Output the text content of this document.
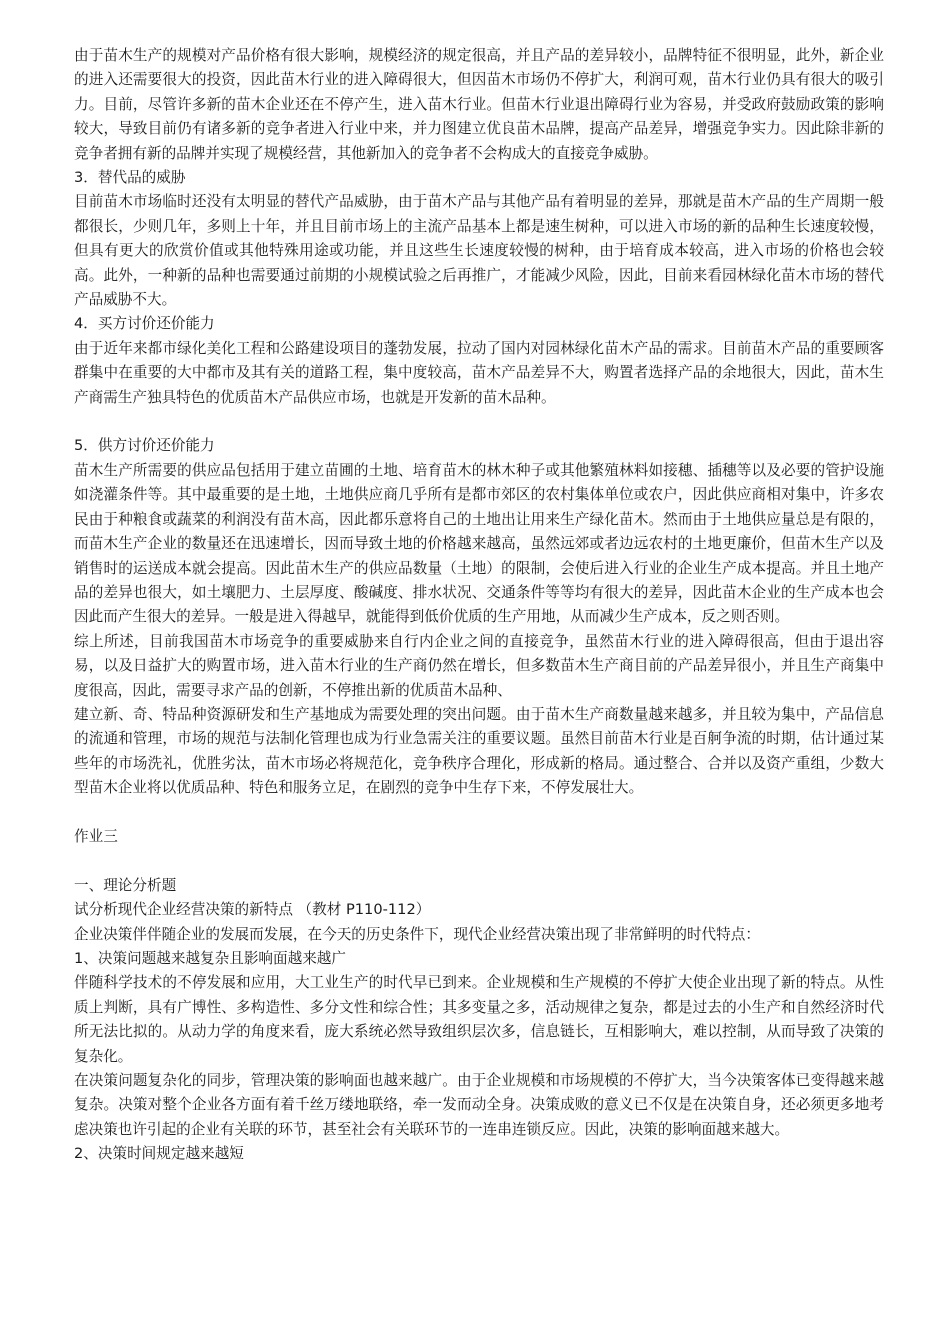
由于苗木生产的规模对产品价格有很大影响，规模经济的规定很高，并且产品的差异较小，品牌特征不很明显，此外，新企业的进入还需要很大的投资，因此苗木行业的进入障碍很大，但因苗木市场仍不停扩大，利润可观，苗木行业仍具有很大的吸引力。目前，尽管许多新的苗木企业还在不停产生，进入苗木行业。但苗木行业退出障碍行业为容易，并受政府鼓励政策的影响较大，导致目前仍有诸多新的竞争者进入行业中来，并力图建立优良苗木品牌，提高产品差异，增强竞争实力。因此除非新的竞争者拥有新的品牌并实现了规模经营，其他新加入的竞争者不会构成大的直接竞争威胁。

3．替代品的威胁

目前苗木市场临时还没有太明显的替代产品威胁，由于苗木产品与其他产品有着明显的差异，那就是苗木产品的生产周期一般都很长，少则几年，多则上十年，并且目前市场上的主流产品基本上都是速生树种，可以进入市场的新的品种生长速度较慢，但具有更大的欣赏价值或其他特殊用途或功能，并且这些生长速度较慢的树种，由于培育成本较高，进入市场的价格也会较高。此外，一种新的品种也需要通过前期的小规模试验之后再推广，才能减少风险，因此，目前来看园林绿化苗木市场的替代产品威胁不大。

4．买方讨价还价能力

由于近年来都市绿化美化工程和公路建设项目的蓬勃发展，拉动了国内对园林绿化苗木产品的需求。目前苗木产品的重要顾客群集中在重要的大中都市及其有关的道路工程，集中度较高，苗木产品差异不大，购置者选择产品的余地很大，因此，苗木生产商需生产独具特色的优质苗木产品供应市场，也就是开发新的苗木品种。

5．供方讨价还价能力

苗木生产所需要的供应品包括用于建立苗圃的土地、培育苗木的林木种子或其他繁殖林料如接穗、插穗等以及必要的管护设施如浇灌条件等。其中最重要的是土地，土地供应商几乎所有是都市郊区的农村集体单位或农户，因此供应商相对集中，许多农民由于种粮食或蔬菜的利润没有苗木高，因此都乐意将自己的土地出让用来生产绿化苗木。然而由于土地供应量总是有限的，而苗木生产企业的数量还在迅速增长，因而导致土地的价格越来越高，虽然远郊或者边远农村的土地更廉价，但苗木生产以及销售时的运送成本就会提高。因此苗木生产的供应品数量（土地）的限制，会使后进入行业的企业生产成本提高。并且土地产品的差异也很大，如土壤肥力、土层厚度、酸碱度、排水状况、交通条件等等均有很大的差异，因此苗木企业的生产成本也会因此而产生很大的差异。一般是进入得越早，就能得到低价优质的生产用地，从而减少生产成本，反之则否则。

综上所述，目前我国苗木市场竞争的重要威胁来自行内企业之间的直接竞争，虽然苗木行业的进入障碍很高，但由于退出容易，以及日益扩大的购置市场，进入苗木行业的生产商仍然在增长，但多数苗木生产商目前的产品差异很小，并且生产商集中度很高，因此，需要寻求产品的创新，不停推出新的优质苗木品种、

建立新、奇、特品种资源研发和生产基地成为需要处理的突出问题。由于苗木生产商数量越来越多，并且较为集中，产品信息的流通和管理，市场的规范与法制化管理也成为行业急需关注的重要议题。虽然目前苗木行业是百舸争流的时期，估计通过某些年的市场洗礼，优胜劣汰，苗木市场必将规范化，竞争秩序合理化，形成新的格局。通过整合、合并以及资产重组，少数大型苗木企业将以优质品种、特色和服务立足，在剧烈的竞争中生存下来，不停发展壮大。

作业三

一、理论分析题

试分析现代企业经营决策的新特点 （教材 P110-112）

企业决策伴伴随企业的发展而发展，在今天的历史条件下，现代企业经营决策出现了非常鲜明的时代特点：

1、决策问题越来越复杂且影响面越来越广

伴随科学技术的不停发展和应用，大工业生产的时代早已到来。企业规模和生产规模的不停扩大使企业出现了新的特点。从性质上判断，具有广博性、多构造性、多分文性和综合性；其多变量之多，活动规律之复杂，都是过去的小生产和自然经济时代所无法比拟的。从动力学的角度来看，庞大系统必然导致组织层次多，信息链长，互相影响大，难以控制，从而导致了决策的复杂化。

在决策问题复杂化的同步，管理决策的影响面也越来越广。由于企业规模和市场规模的不停扩大，当今决策客体已变得越来越复杂。决策对整个企业各方面有着千丝万缕地联络，牵一发而动全身。决策成败的意义已不仅是在决策自身，还必须更多地考虑决策也许引起的企业有关联的环节，甚至社会有关联环节的一连串连锁反应。因此，决策的影响面越来越大。

2、决策时间规定越来越短
